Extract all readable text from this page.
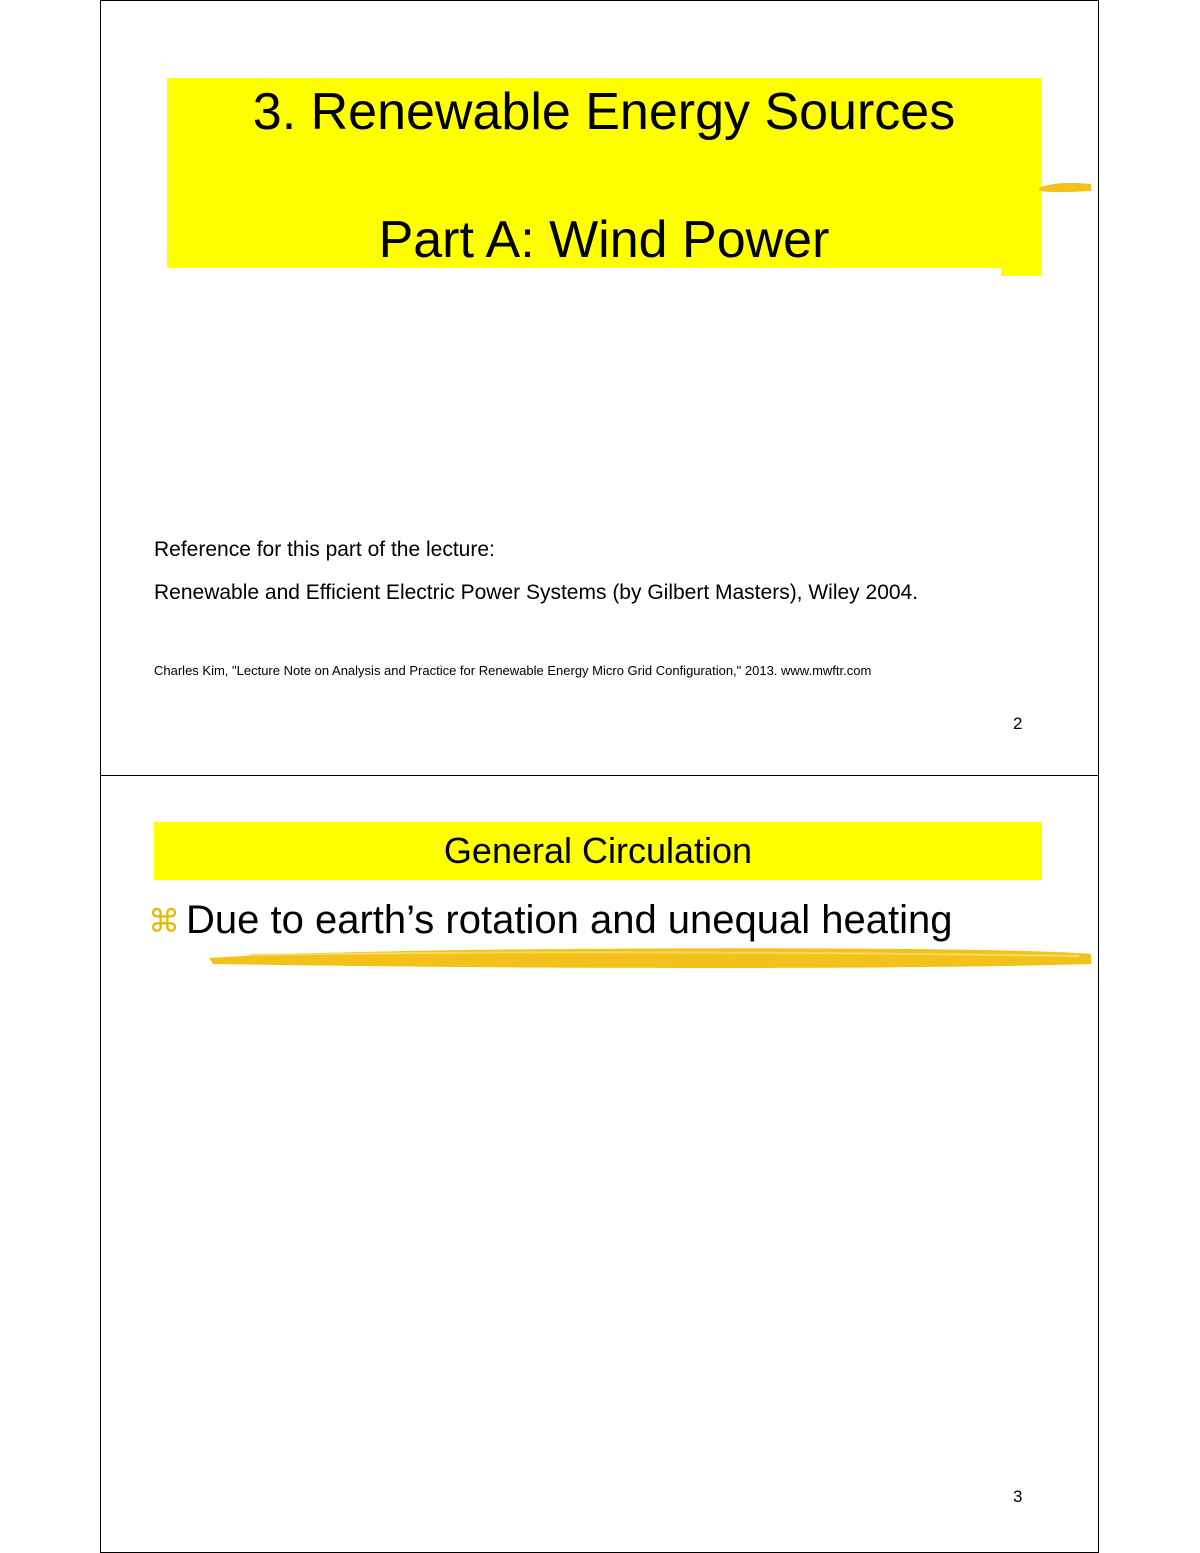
3. Renewable Energy Sources
Part A: Wind Power
Reference for this part of the lecture:
Renewable and Efficient Electric Power Systems (by Gilbert Masters), Wiley 2004.
Charles Kim, "Lecture Note on Analysis and Practice for Renewable Energy Micro Grid Configuration," 2013. www.mwftr.com
2
General Circulation
⌘ Due to earth’s rotation and unequal heating
3
